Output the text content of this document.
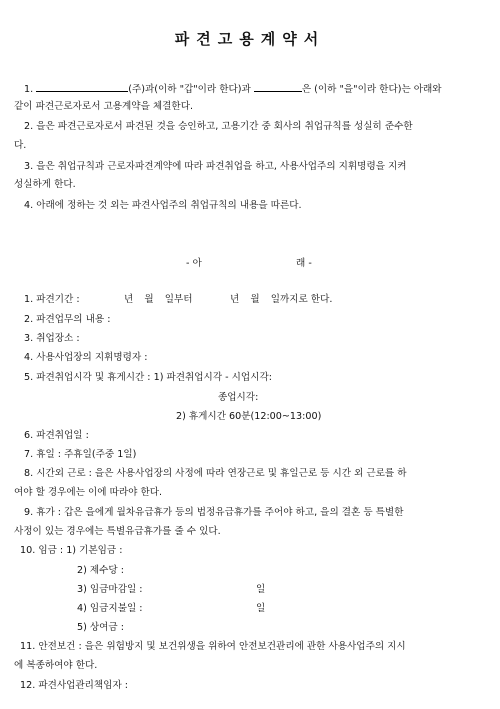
파견고용계약서
1.	(주)과(이하 "갑"이라 한다)과	은 (이하 "을"이라 한다)는 아래와
같이 파견근로자로서 고용계약을 체결한다.
2. 을은 파견근로자로서 파견된 것을 승인하고, 고용기간 중 회사의 취업규칙를 성실히 준수한
다.
3. 을은 취업규칙과 근로자파견계약에 따라 파견취업을 하고, 사용사업주의 지휘명령을 지켜
성실하게 한다.
4. 아래에 정하는 것 외는 파견사업주의 취업규칙의 내용을 따른다.
- 아	래 -
1. 파견기간 :	년 월 일부터	년 월 일까지로 한다.
2. 파견업무의 내용 :
3. 취업장소 :
4. 사용사업장의 지휘명령자 :
5. 파견취업시각 및 휴게시간 : 1) 파견취업시각 - 시업시각:
종업시각:
2) 휴게시간 60분(12:00~13:00)
6. 파견취업일 :
7. 휴일 : 주휴일(주중 1일)
8. 시간외 근로 : 을은 사용사업장의 사정에 따라 연장근로 및 휴일근로 등 시간 외 근로를 하
여야 할 경우에는 이에 따라야 한다.
9. 휴가 : 갑은 을에게 월차유급휴가 등의 법정유급휴가를 주어야 하고, 을의 결혼 등 특별한
사정이 있는 경우에는 특별유급휴가를 줄 수 있다.
10. 임금 : 1) 기본임금 :
2) 제수당 :
3) 임금마감일 :	일
4) 임금지불일 :	일
5) 상여금 :
11. 안전보건 : 을은 위험방지 및 보건위생을 위하여 안전보건관리에 관한 사용사업주의 지시
에 복종하여야 한다.
12. 파견사업관리책임자 :
